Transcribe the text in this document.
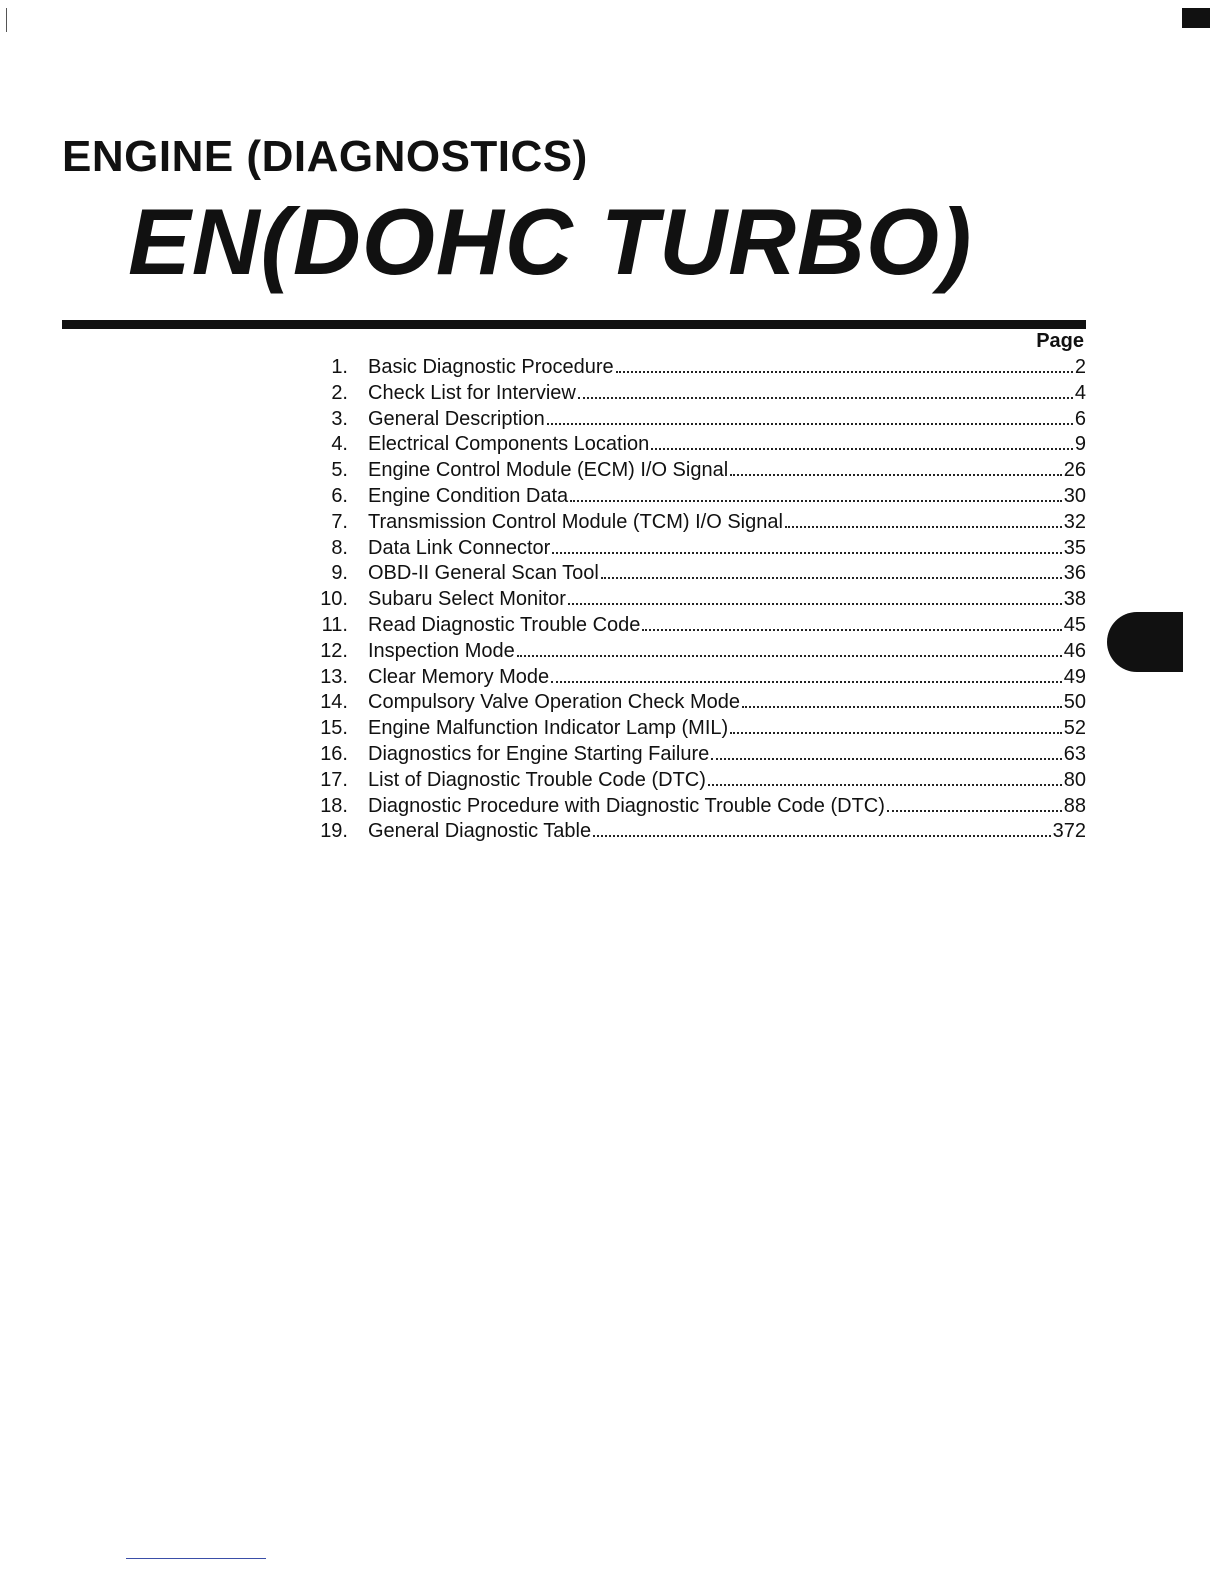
ENGINE (DIAGNOSTICS)
EN(DOHC TURBO)
Page
1. Basic Diagnostic Procedure	2
2. Check List for Interview	4
3. General Description	6
4. Electrical Components Location	9
5. Engine Control Module (ECM) I/O Signal	26
6. Engine Condition Data	30
7. Transmission Control Module (TCM) I/O Signal	32
8. Data Link Connector	35
9. OBD-II General Scan Tool	36
10. Subaru Select Monitor	38
11. Read Diagnostic Trouble Code	45
12. Inspection Mode	46
13. Clear Memory Mode	49
14. Compulsory Valve Operation Check Mode	50
15. Engine Malfunction Indicator Lamp (MIL)	52
16. Diagnostics for Engine Starting Failure	63
17. List of Diagnostic Trouble Code (DTC)	80
18. Diagnostic Procedure with Diagnostic Trouble Code (DTC)	88
19. General Diagnostic Table	372
